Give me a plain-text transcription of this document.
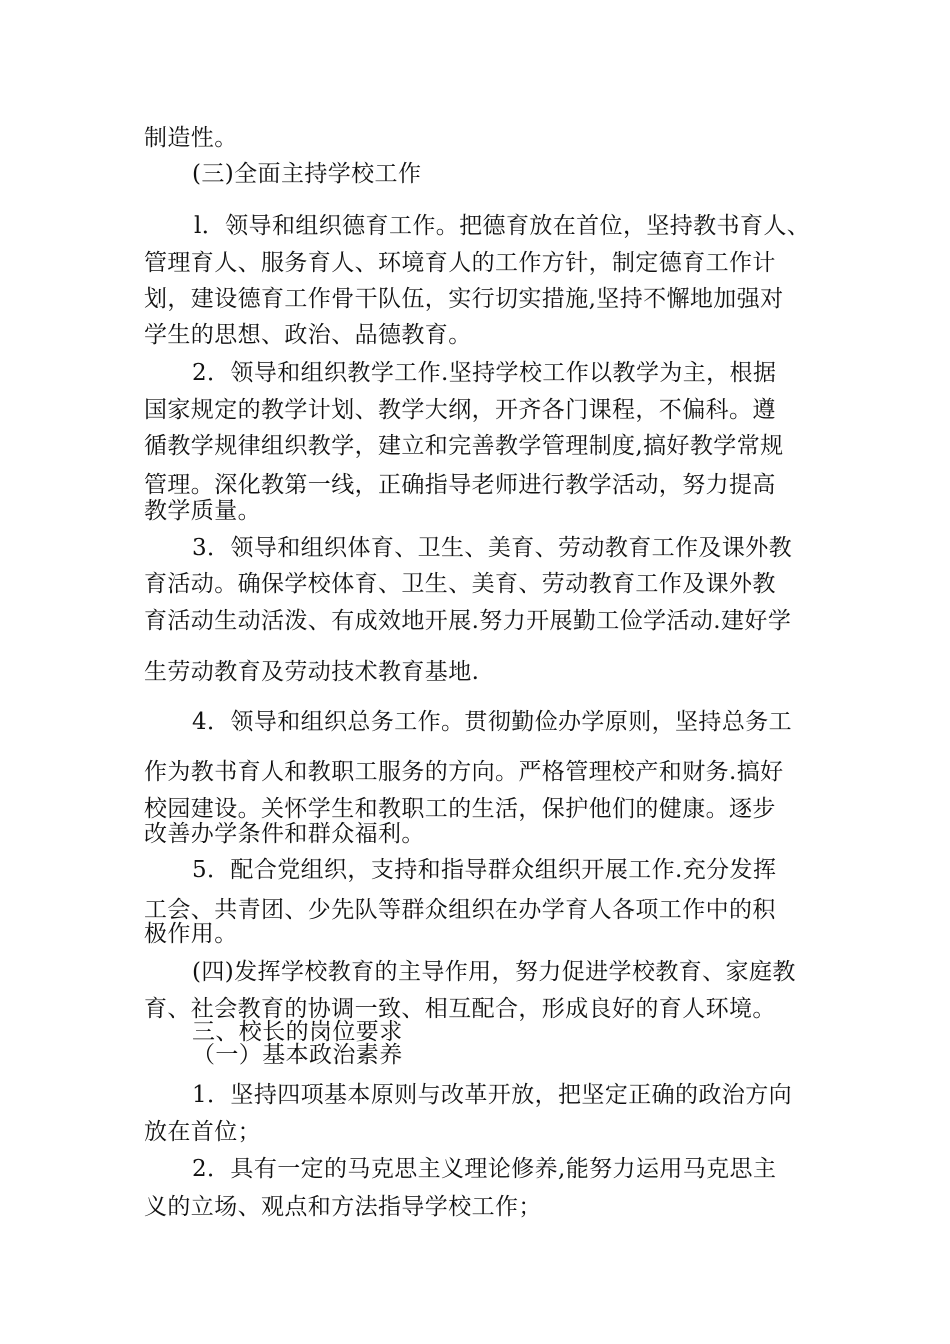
制造性。
(三)全面主持学校工作
l．领导和组织德育工作。把德育放在首位，坚持教书育人、
管理育人、服务育人、环境育人的工作方针，制定德育工作计
划，建设德育工作骨干队伍，实行切实措施,坚持不懈地加强对
学生的思想、政治、品德教育。
2．领导和组织教学工作.坚持学校工作以教学为主，根据
国家规定的教学计划、教学大纲，开齐各门课程，不偏科。遵
循教学规律组织教学，建立和完善教学管理制度,搞好教学常规
管理。深化教第一线，正确指导老师进行教学活动，努力提高
教学质量。
3．领导和组织体育、卫生、美育、劳动教育工作及课外教
育活动。确保学校体育、卫生、美育、劳动教育工作及课外教
育活动生动活泼、有成效地开展.努力开展勤工俭学活动.建好学
生劳动教育及劳动技术教育基地.
4．领导和组织总务工作。贯彻勤俭办学原则，坚持总务工
作为教书育人和教职工服务的方向。严格管理校产和财务.搞好
校园建设。关怀学生和教职工的生活，保护他们的健康。逐步
改善办学条件和群众福利。
5．配合党组织，支持和指导群众组织开展工作.充分发挥
工会、共青团、少先队等群众组织在办学育人各项工作中的积
极作用。
(四)发挥学校教育的主导作用，努力促进学校教育、家庭教
育、社会教育的协调一致、相互配合，形成良好的育人环境。
三、校长的岗位要求
（一）基本政治素养
1．坚持四项基本原则与改革开放，把坚定正确的政治方向
放在首位；
2．具有一定的马克思主义理论修养,能努力运用马克思主
义的立场、观点和方法指导学校工作；
